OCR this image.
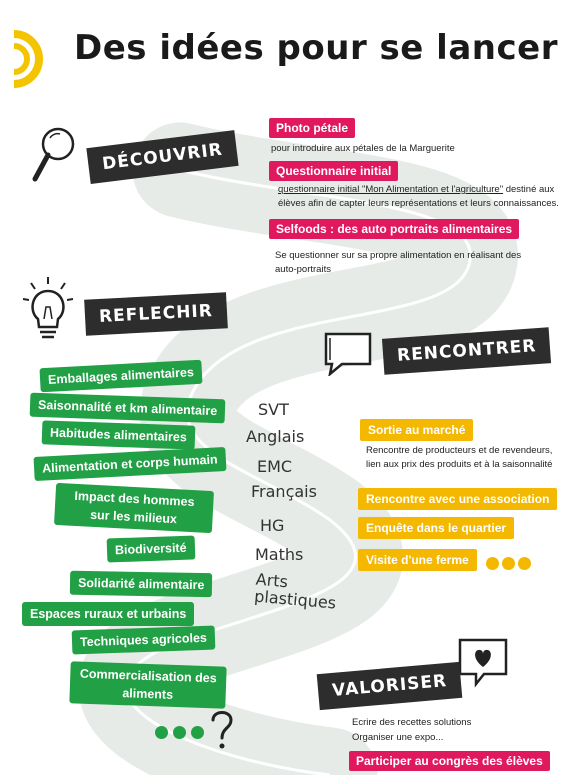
Des idées pour se lancer
DÉCOUVRIR
Photo pétale
pour introduire aux pétales de la Marguerite
Questionnaire initial
questionnaire initial "Mon Alimentation et l'agriculture" destiné aux élèves afin de capter leurs représentations et leurs connaissances.
Selfoods : des auto portraits alimentaires
Se questionner sur sa propre alimentation en réalisant des auto-portraits
REFLECHIR
Emballages alimentaires
Saisonnalité et km alimentaire
Habitudes alimentaires
Alimentation et corps humain
Impact des hommes sur les milieux
Biodiversité
Solidarité alimentaire
Espaces ruraux et urbains
Techniques agricoles
Commercialisation des aliments
SVT
Anglais
EMC
Français
HG
Maths
Arts plastiques
RENCONTRER
Sortie au marché
Rencontre de producteurs et de revendeurs, lien aux prix des produits et à la saisonnalité
Rencontre avec une association
Enquête dans le quartier
Visite d'une ferme
VALORISER
Ecrire des recettes solutions
Organiser une expo...
Participer au congrès des élèves
